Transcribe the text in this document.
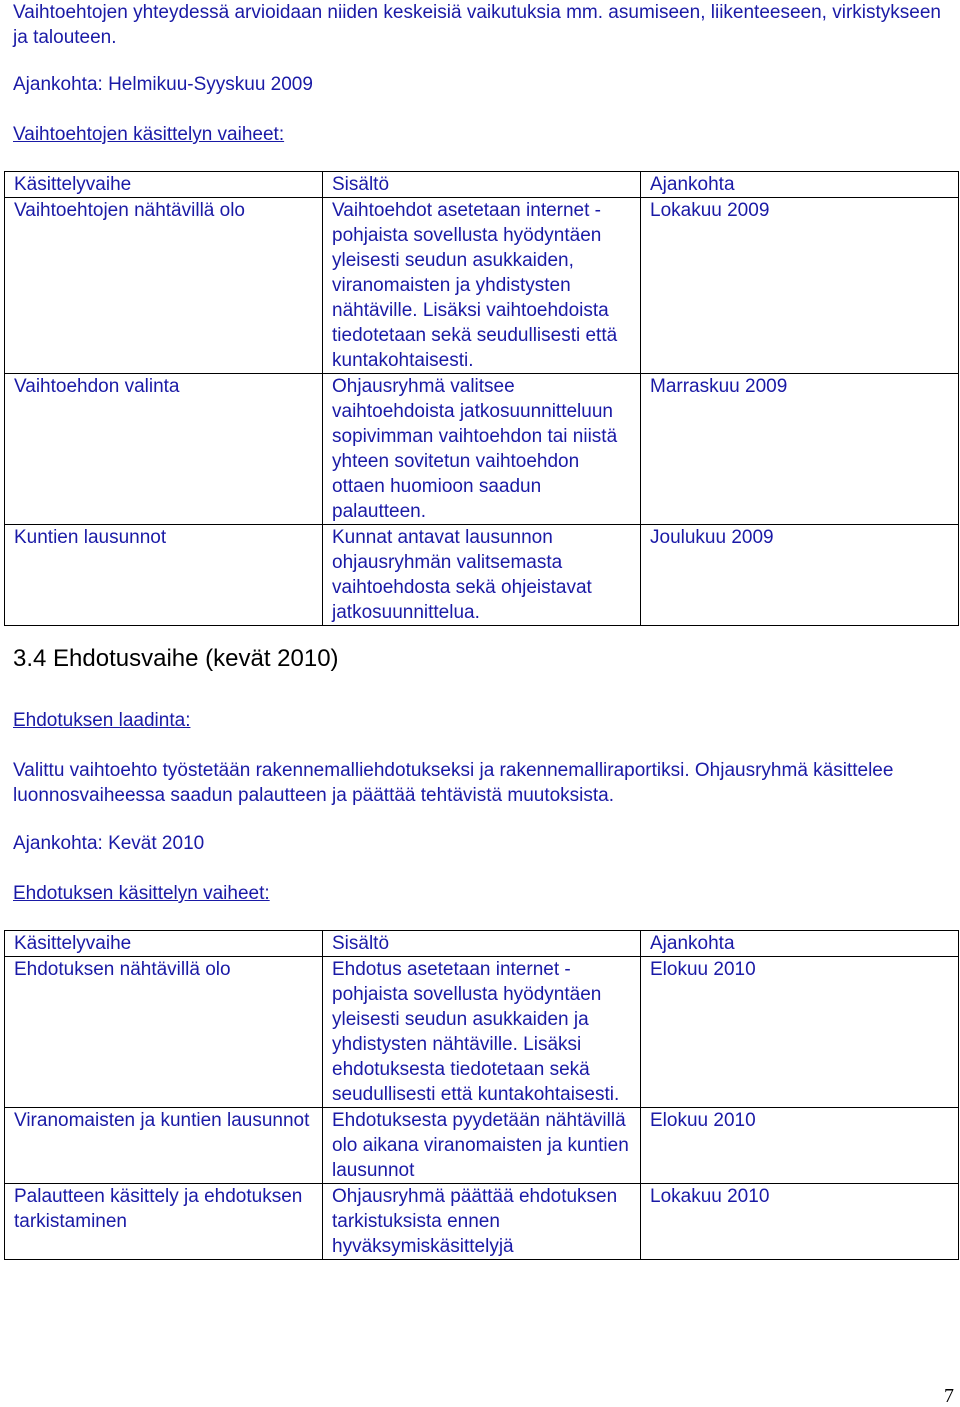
Vaihtoehtojen yhteydessä arvioidaan niiden keskeisiä vaikutuksia mm. asumiseen, liikenteeseen, virkistykseen ja talouteen.

Ajankohta: Helmikuu-Syyskuu 2009

Vaihtoehtojen käsittelyn vaiheet:

Käsittelyvaihe	Sisältö	Ajankohta
Vaihtoehtojen nähtävillä olo	Vaihtoehdot asetetaan internet -pohjaista sovellusta hyödyntäen yleisesti seudun asukkaiden, viranomaisten ja yhdistysten nähtäville. Lisäksi vaihtoehdoista tiedotetaan sekä seudullisesti että kuntakohtaisesti.	Lokakuu 2009
Vaihtoehdon valinta	Ohjausryhmä valitsee vaihtoehdoista jatkosuunnitteluun sopivimman vaihtoehdon tai niistä yhteen sovitetun vaihtoehdon ottaen huomioon saadun palautteen.	Marraskuu 2009
Kuntien lausunnot	Kunnat antavat lausunnon ohjausryhmän valitsemasta vaihtoehdosta sekä ohjeistavat jatkosuunnittelua.	Joulukuu 2009

3.4 Ehdotusvaihe (kevät 2010)

Ehdotuksen laadinta:

Valittu vaihtoehto työstetään rakennemalliehdotukseksi ja rakennemalliraportiksi. Ohjausryhmä käsittelee luonnosvaiheessa saadun palautteen ja päättää tehtävistä muutoksista.

Ajankohta: Kevät 2010

Ehdotuksen käsittelyn vaiheet:

Käsittelyvaihe	Sisältö	Ajankohta
Ehdotuksen nähtävillä olo	Ehdotus asetetaan internet -pohjaista sovellusta hyödyntäen yleisesti seudun asukkaiden ja yhdistysten nähtäville. Lisäksi ehdotuksesta tiedotetaan sekä seudullisesti että kuntakohtaisesti.	Elokuu 2010
Viranomaisten ja kuntien lausunnot	Ehdotuksesta pyydetään nähtävillä olo aikana viranomaisten ja kuntien lausunnot	Elokuu 2010
Palautteen käsittely ja ehdotuksen tarkistaminen	Ohjausryhmä päättää ehdotuksen tarkistuksista ennen hyväksymiskäsittelyjä	Lokakuu 2010
7
